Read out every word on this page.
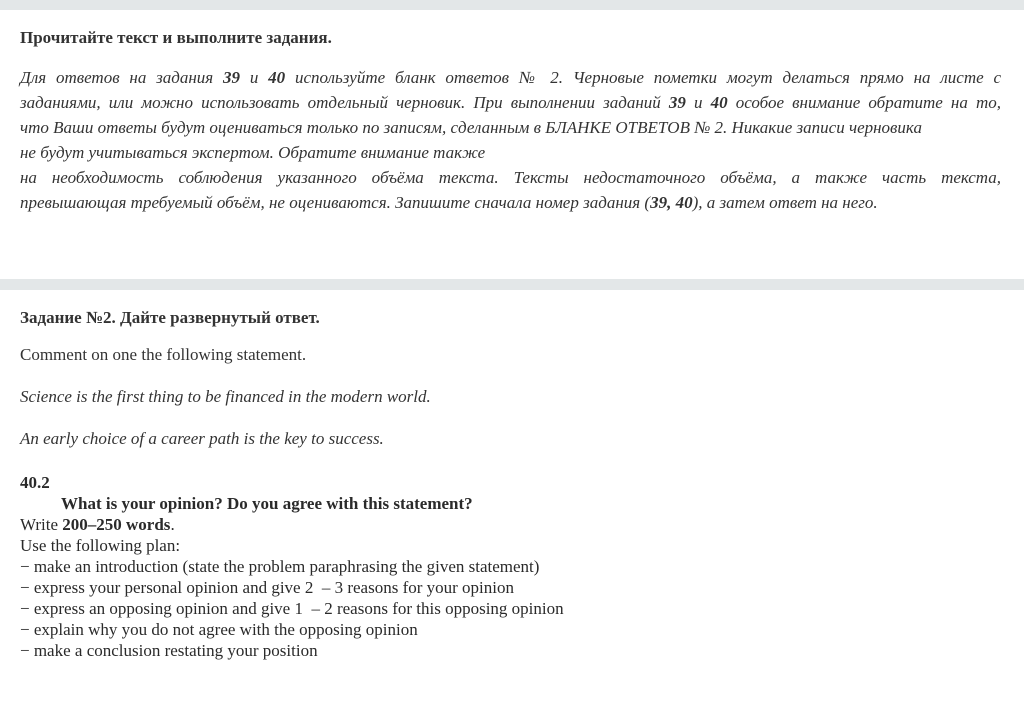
Прочитайте текст и выполните задания.
Для ответов на задания 39 и 40 используйте бланк ответов № 2. Черновые пометки могут делаться прямо на листе с
заданиями, или можно использовать отдельный черновик. При выполнении заданий 39 и 40 особое внимание обратите на то,
что Ваши ответы будут оцениваться только по записям, сделанным в БЛАНКЕ ОТВЕТОВ № 2. Никакие записи черновика
не будут учитываться экспертом. Обратите внимание также
на необходимость соблюдения указанного объёма текста. Тексты недостаточного объёма, а также часть текста,
превышающая требуемый объём, не оцениваются. Запишите сначала номер задания (39, 40), а затем ответ на него.
Задание №2. Дайте развернутый ответ.
Comment on one the following statement.
Science is the first thing to be financed in the modern world.
An early choice of a career path is the key to success.
40.2
What is your opinion? Do you agree with this statement?
Write 200–250 words.
Use the following plan:
− make an introduction (state the problem paraphrasing the given statement)
− express your personal opinion and give 2  – 3 reasons for your opinion
− express an opposing opinion and give 1  – 2 reasons for this opposing opinion
− explain why you do not agree with the opposing opinion
− make a conclusion restating your position
